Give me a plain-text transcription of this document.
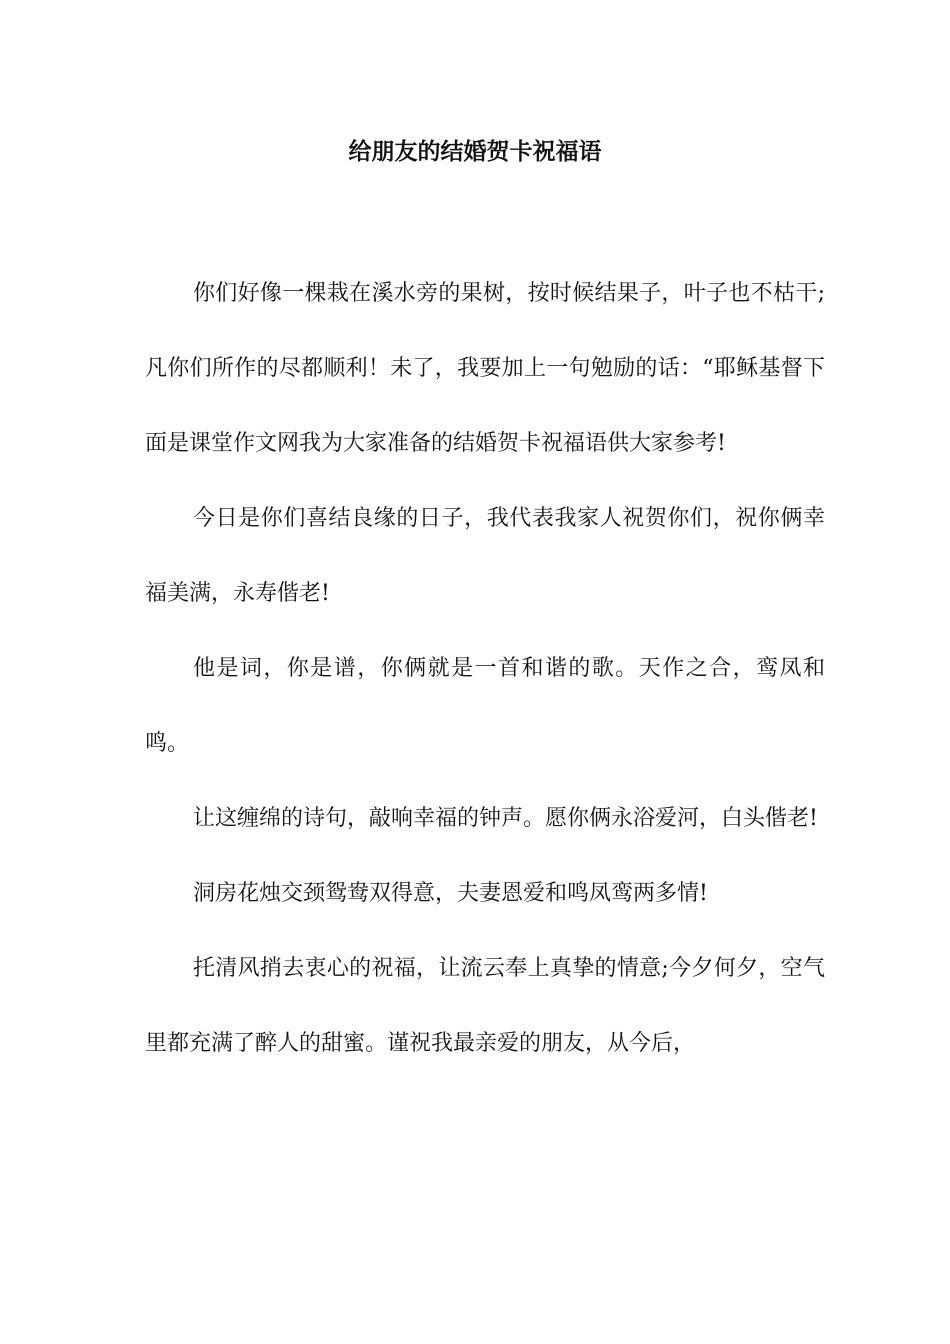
给朋友的结婚贺卡祝福语

你们好像一棵栽在溪水旁的果树，按时候结果子，叶子也不枯干;凡你们所作的尽都顺利！未了，我要加上一句勉励的话：“耶稣基督下面是课堂作文网我为大家准备的结婚贺卡祝福语供大家参考!

今日是你们喜结良缘的日子，我代表我家人祝贺你们，祝你俩幸福美满，永寿偕老!

他是词，你是谱，你俩就是一首和谐的歌。天作之合，鸾凤和鸣。

让这缠绵的诗句，敲响幸福的钟声。愿你俩永浴爱河，白头偕老!

洞房花烛交颈鸳鸯双得意，夫妻恩爱和鸣凤鸾两多情!

托清风捎去衷心的祝福，让流云奉上真挚的情意;今夕何夕，空气里都充满了醉人的甜蜜。谨祝我最亲爱的朋友，从今后，
